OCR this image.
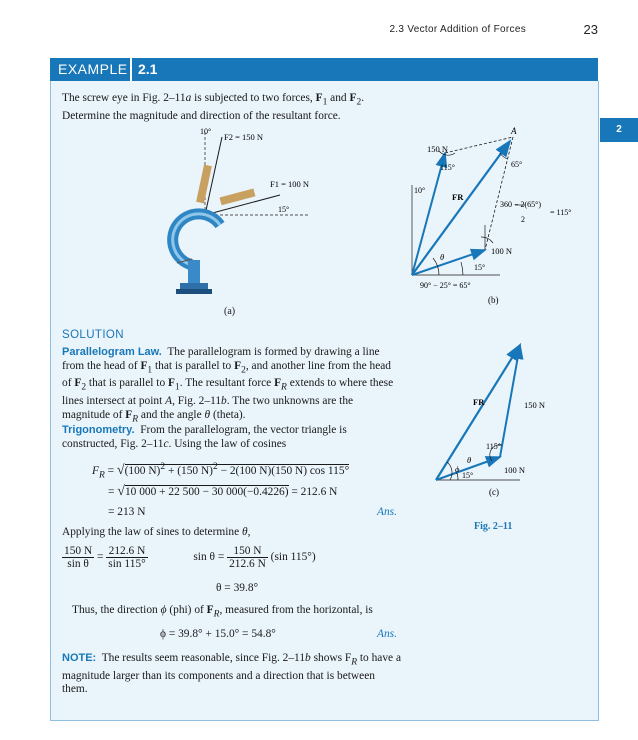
2.3 Vector Addition of Forces	23
EXAMPLE 2.1
2
The screw eye in Fig. 2–11a is subjected to two forces, $F_1$ and $F_2$. Determine the magnitude and direction of the resultant force.
10°
F2 = 150 N
F1 = 100 N
15°
(a)
150 N
115°
A
65°
10°
FR
360 − 2(65°)
= 115°
2
θ
100 N
15°
90° − 25° = 65°
(b)
FR	150 N
115°
θ
ϕ
15°
100 N
(c)
Fig. 2–11
SOLUTION
Parallelogram Law.  The parallelogram is formed by drawing a line from the head of $F_1$ that is parallel to $F_2$, and another line from the head of $F_2$ that is parallel to $F_1$. The resultant force $F_R$ extends to where these lines intersect at point A, Fig. 2–11b. The two unknowns are the magnitude of $F_R$ and the angle θ (theta).
Trigonometry.  From the parallelogram, the vector triangle is constructed, Fig. 2–11c. Using the law of cosines
$F_R = √(100$ N)$^2$ + (150 N)$^2$ − 2(100 N)(150 N) cos 115°
= √10 000 + 22 500 − 30 000(−0.4226) = 212.6 N
= 213 N	Ans.
Applying the law of sines to determine θ,
$\frac{150 N}{\text{sin θ}} = \frac{212.6 N}{\sin 115^\circ}$	$\sin \theta = \frac{150 N}{212.6 N} (\sin$ 115°)
θ = 39.8°
Thus, the direction ϕ (phi) of $F_R$, measured from the horizontal, is
ϕ = 39.8° + 15.0° = 54.8°	Ans.
NOTE:  The results seem reasonable, since Fig. 2–11b shows $F_R$ to have a magnitude larger than its components and a direction that is between them.
